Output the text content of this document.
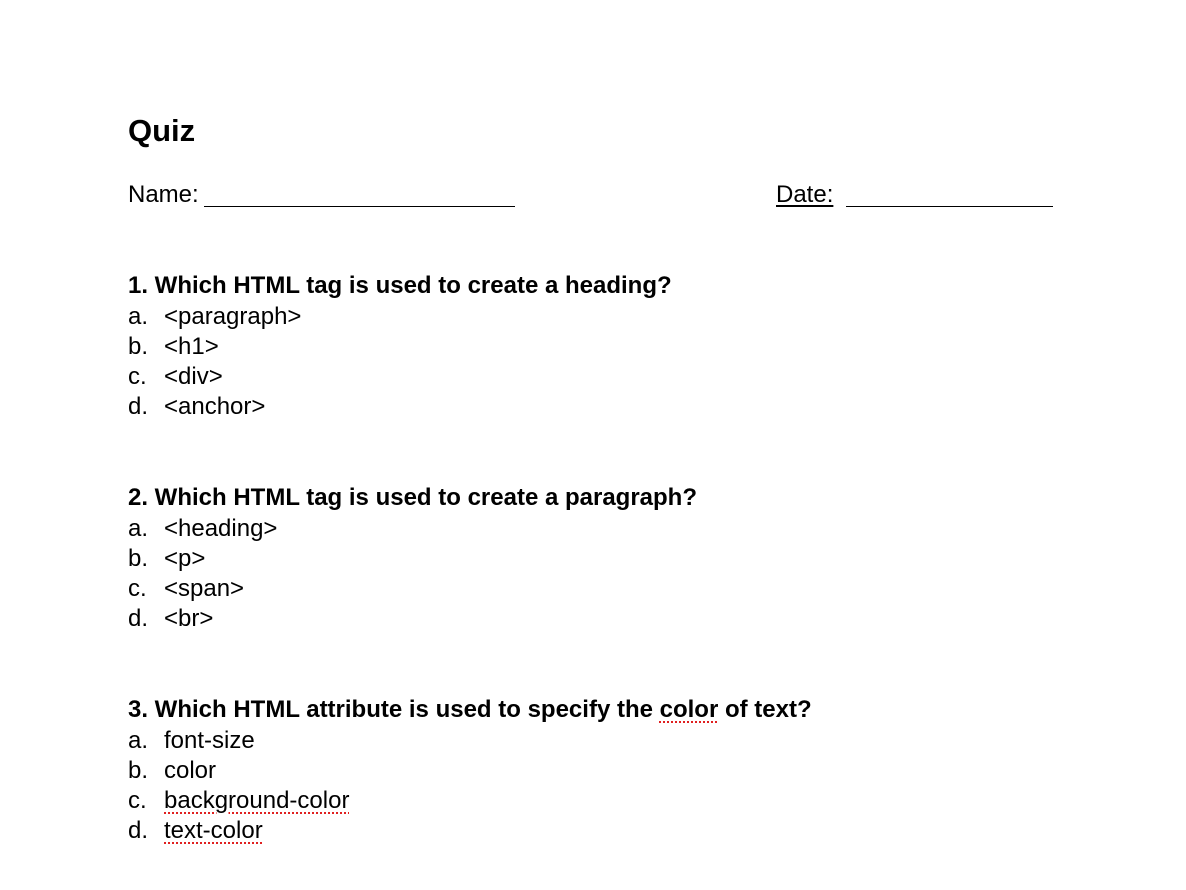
Quiz
Name:	Date:

1. Which HTML tag is used to create a heading?

a. <paragraph>
b. <h1>
c. <div>
d. <anchor>

2. Which HTML tag is used to create a paragraph?

a. <heading>
b. <p>
c. <span>
d. <br>

3. Which HTML attribute is used to specify the color of text?

a. font-size
b. color
c. background-color
d. text-color
